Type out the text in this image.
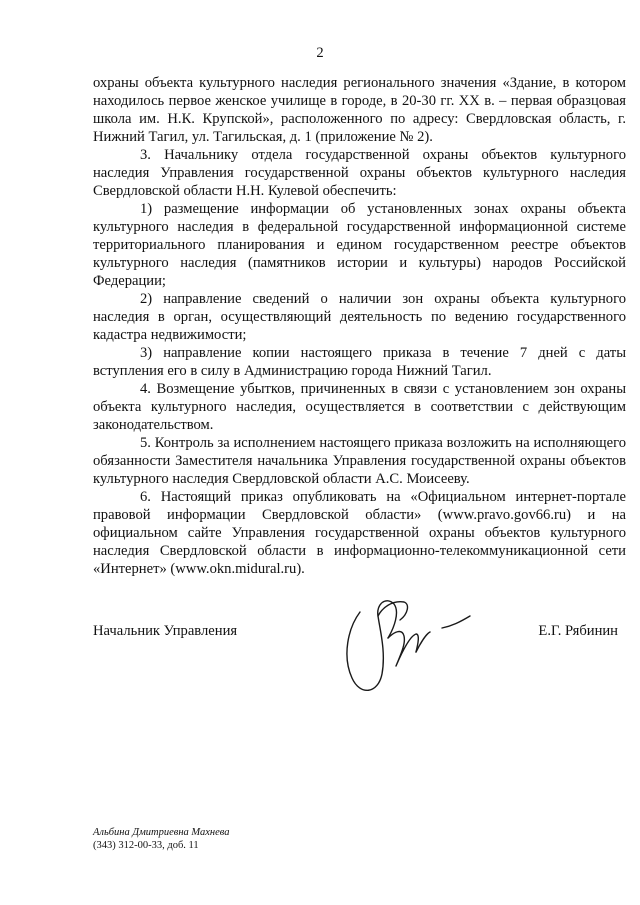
2

охраны объекта культурного наследия регионального значения «Здание, в котором находилось первое женское училище в городе, в 20-30 гг. XX в. – первая образцовая школа им. Н.К. Крупской», расположенного по адресу: Свердловская область, г. Нижний Тагил, ул. Тагильская, д. 1 (приложение № 2).

3. Начальнику отдела государственной охраны объектов культурного наследия Управления государственной охраны объектов культурного наследия Свердловской области Н.Н. Кулевой обеспечить:

1) размещение информации об установленных зонах охраны объекта культурного наследия в федеральной государственной информационной системе территориального планирования и едином государственном реестре объектов культурного наследия (памятников истории и культуры) народов Российской Федерации;

2) направление сведений о наличии зон охраны объекта культурного наследия в орган, осуществляющий деятельность по ведению государственного кадастра недвижимости;

3) направление копии настоящего приказа в течение 7 дней с даты вступления его в силу в Администрацию города Нижний Тагил.

4. Возмещение убытков, причиненных в связи с установлением зон охраны объекта культурного наследия, осуществляется в соответствии с действующим законодательством.

5. Контроль за исполнением настоящего приказа возложить на исполняющего обязанности Заместителя начальника Управления государственной охраны объектов культурного наследия Свердловской области А.С. Моисееву.

6. Настоящий приказ опубликовать на «Официальном интернет-портале правовой информации Свердловской области» (www.pravo.gov66.ru) и на официальном сайте Управления государственной охраны объектов культурного наследия Свердловской области в информационно-телекоммуникационной сети «Интернет» (www.okn.midural.ru).

Начальник Управления	Е.Г. Рябинин
Альбина Дмитриевна Махнева
(343) 312-00-33, доб. 11
